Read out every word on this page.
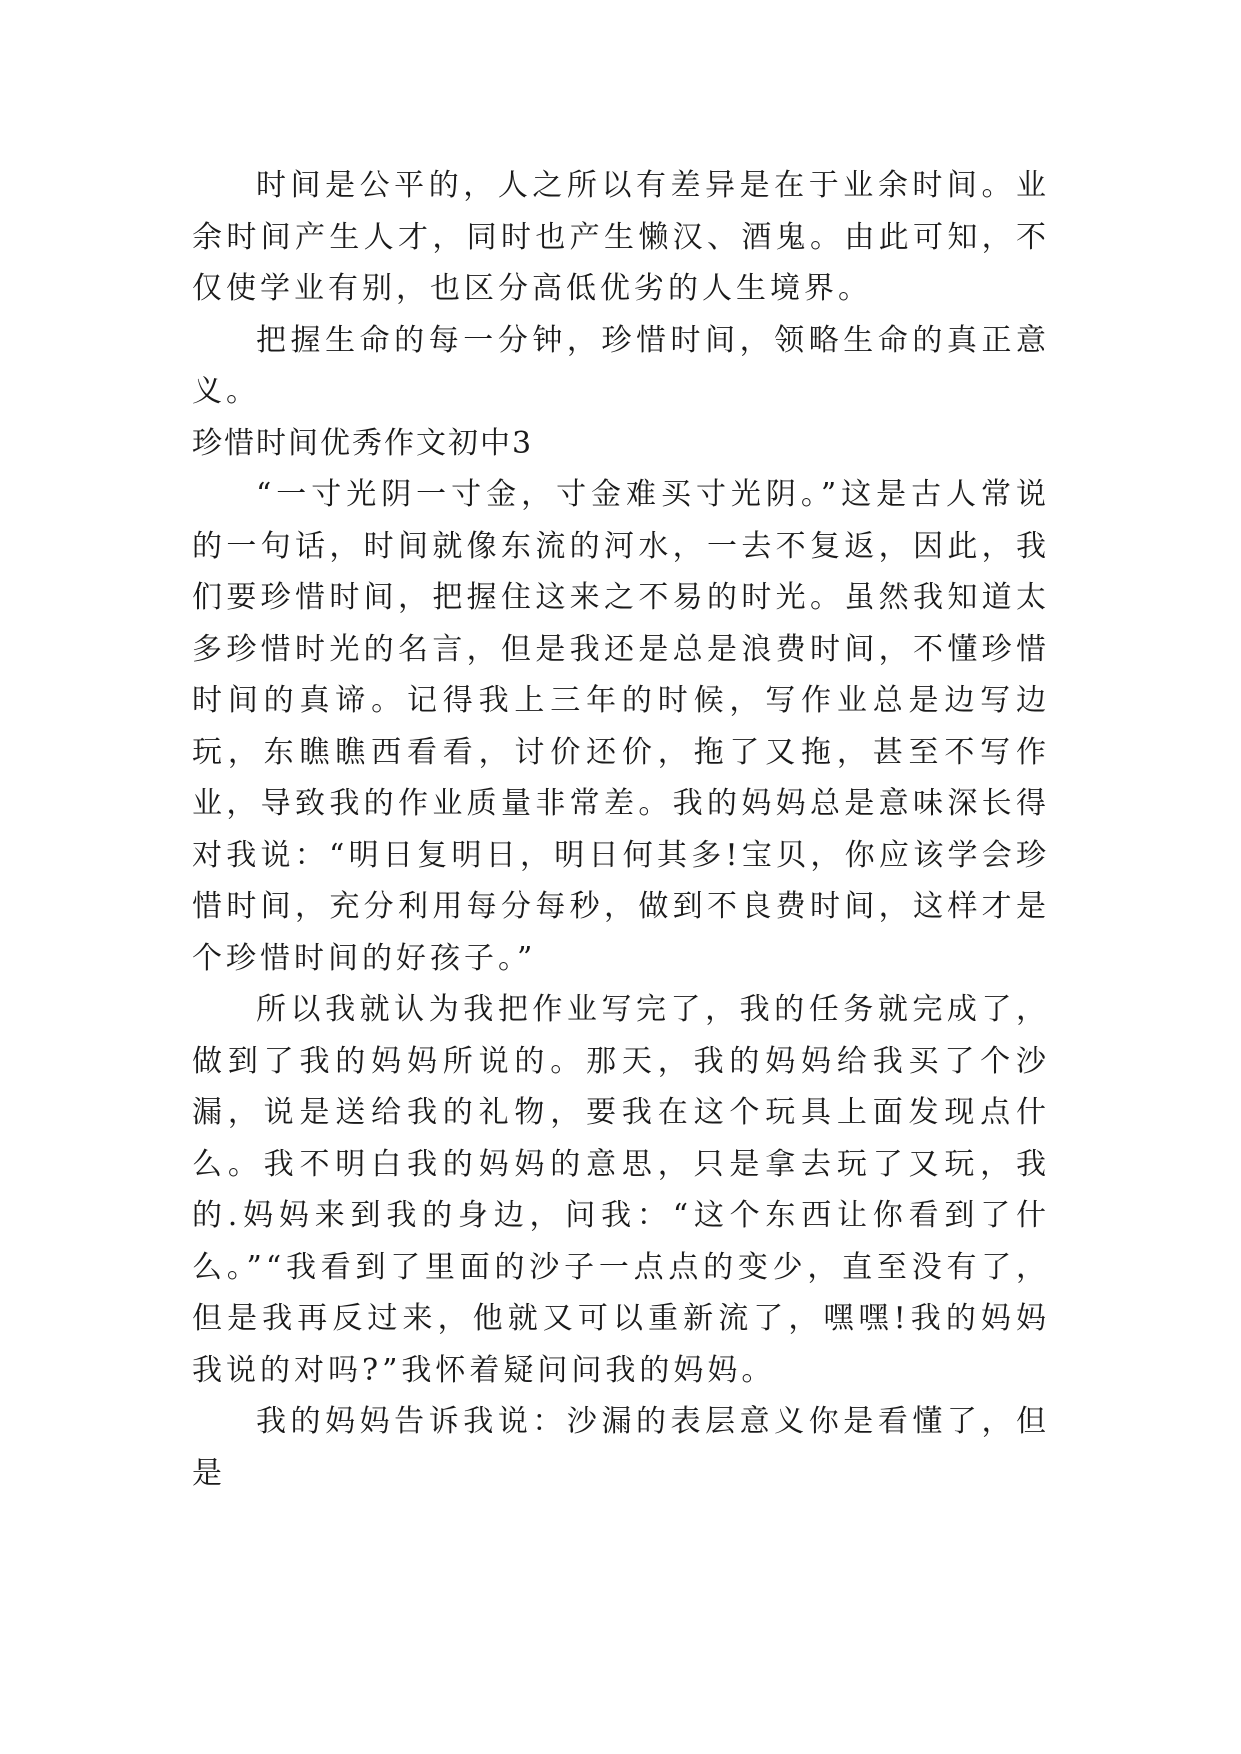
时间是公平的，人之所以有差异是在于业余时间。业余时间产生人才，同时也产生懒汉、酒鬼。由此可知，不仅使学业有别，也区分高低优劣的人生境界。

把握生命的每一分钟，珍惜时间，领略生命的真正意义。

珍惜时间优秀作文初中3

“一寸光阴一寸金，寸金难买寸光阴。”这是古人常说的一句话，时间就像东流的河水，一去不复返，因此，我们要珍惜时间，把握住这来之不易的时光。虽然我知道太多珍惜时光的名言，但是我还是总是浪费时间，不懂珍惜时间的真谛。记得我上三年的时候，写作业总是边写边玩，东瞧瞧西看看，讨价还价，拖了又拖，甚至不写作业，导致我的作业质量非常差。我的妈妈总是意味深长得对我说：“明日复明日，明日何其多!宝贝，你应该学会珍惜时间，充分利用每分每秒，做到不良费时间，这样才是个珍惜时间的好孩子。”

所以我就认为我把作业写完了，我的任务就完成了，做到了我的妈妈所说的。那天，我的妈妈给我买了个沙漏，说是送给我的礼物，要我在这个玩具上面发现点什么。我不明白我的妈妈的意思，只是拿去玩了又玩，我的.妈妈来到我的身边，问我：“这个东西让你看到了什么。”“我看到了里面的沙子一点点的变少，直至没有了，但是我再反过来，他就又可以重新流了，嘿嘿!我的妈妈我说的对吗?”我怀着疑问问我的妈妈。

我的妈妈告诉我说：沙漏的表层意义你是看懂了，但是
